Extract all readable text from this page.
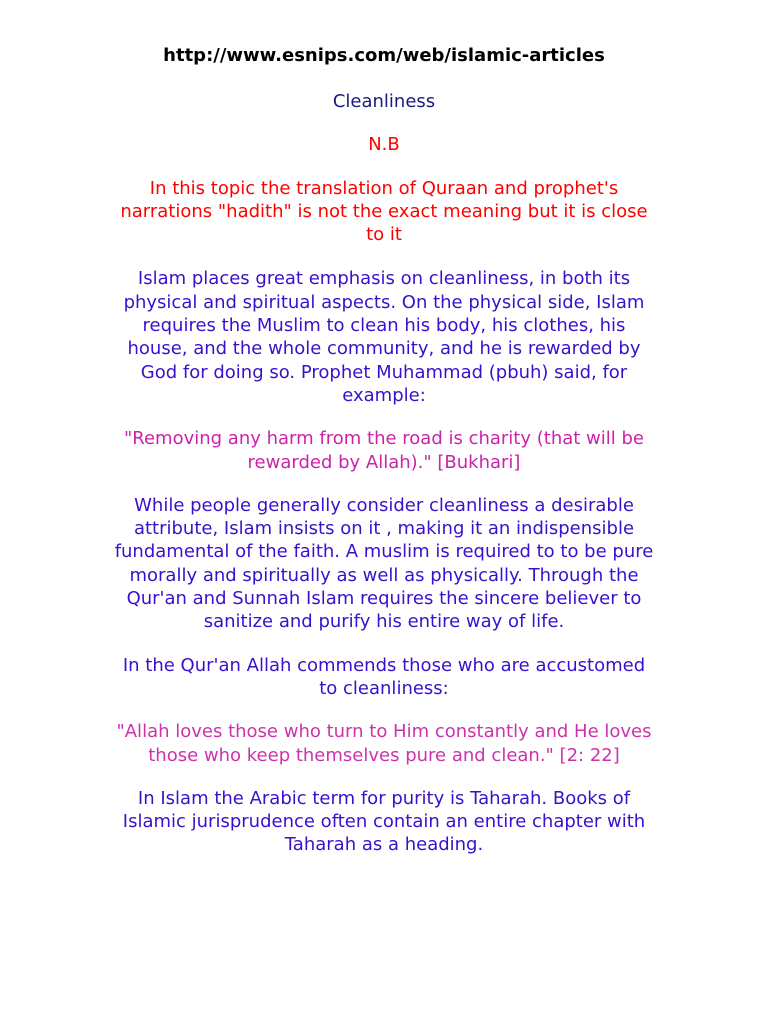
http://www.esnips.com/web/islamic-articles

Cleanliness

N.B

In this topic the translation of Quraan and prophet's narrations "hadith" is not the exact meaning but it is close to it

Islam places great emphasis on cleanliness, in both its physical and spiritual aspects. On the physical side, Islam requires the Muslim to clean his body, his clothes, his house, and the whole community, and he is rewarded by God for doing so. Prophet Muhammad (pbuh) said, for example:

"Removing any harm from the road is charity (that will be rewarded by Allah)." [Bukhari]

While people generally consider cleanliness a desirable attribute, Islam insists on it , making it an indispensible fundamental of the faith. A muslim is required to to be pure morally and spiritually as well as physically. Through the Qur'an and Sunnah Islam requires the sincere believer to sanitize and purify his entire way of life.

In the Qur'an Allah commends those who are accustomed to cleanliness:

"Allah loves those who turn to Him constantly and He loves those who keep themselves pure and clean." [2: 22]

In Islam the Arabic term for purity is Taharah. Books of Islamic jurisprudence often contain an entire chapter with Taharah as a heading.
